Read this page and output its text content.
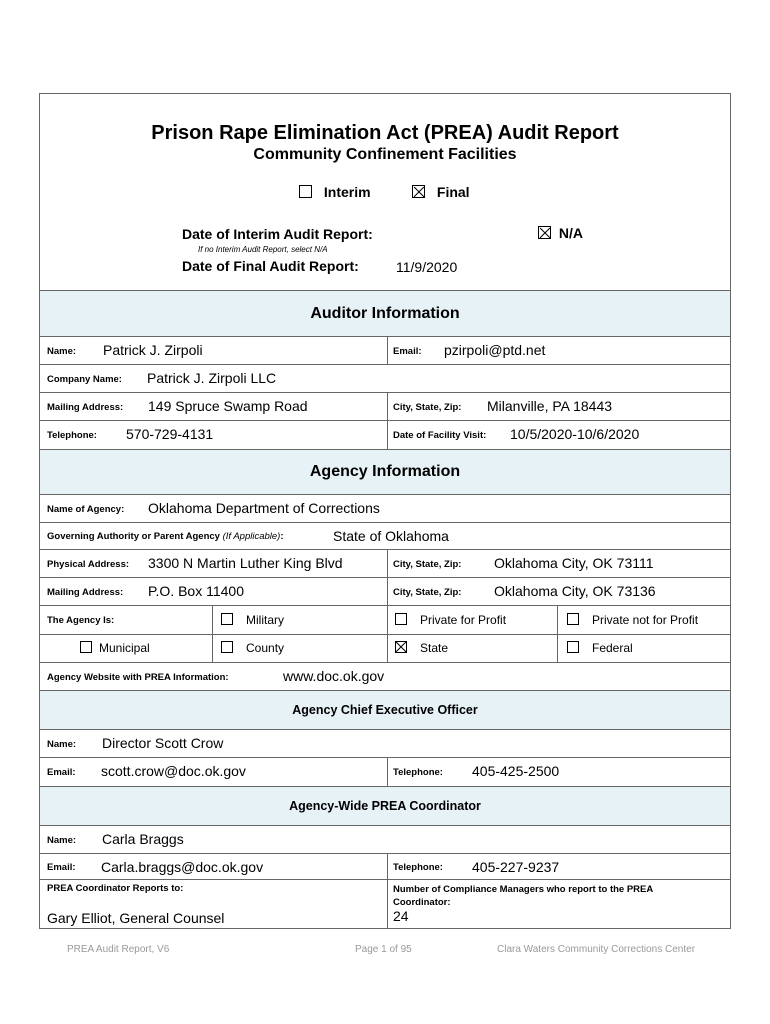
Prison Rape Elimination Act (PREA) Audit Report
Community Confinement Facilities
Interim	Final
Date of Interim Audit Report:	N/A
If no Interim Audit Report, select N/A
Date of Final Audit Report:	11/9/2020
Auditor Information
Name: Patrick J. Zirpoli	Email: pzirpoli@ptd.net
Company Name: Patrick J. Zirpoli LLC
Mailing Address: 149 Spruce Swamp Road	City, State, Zip: Milanville, PA 18443
Telephone: 570-729-4131	Date of Facility Visit: 10/5/2020-10/6/2020
Agency Information
Name of Agency: Oklahoma Department of Corrections
Governing Authority or Parent Agency (If Applicable):	State of Oklahoma
Physical Address: 3300 N Martin Luther King Blvd	City, State, Zip: Oklahoma City, OK 73111
Mailing Address: P.O. Box 11400	City, State, Zip: Oklahoma City, OK 73136
The Agency Is:	Military	Private for Profit	Private not for Profit
Municipal	County	State	Federal
Agency Website with PREA Information:	www.doc.ok.gov
Agency Chief Executive Officer
Name: Director Scott Crow
Email: scott.crow@doc.ok.gov	Telephone: 405-425-2500
Agency-Wide PREA Coordinator
Name: Carla Braggs
Email: Carla.braggs@doc.ok.gov	Telephone: 405-227-9237
PREA Coordinator Reports to:
Gary Elliot, General Counsel
Number of Compliance Managers who report to the PREA Coordinator:
24
PREA Audit Report, V6	Page 1 of 95	Clara Waters Community Corrections Center
